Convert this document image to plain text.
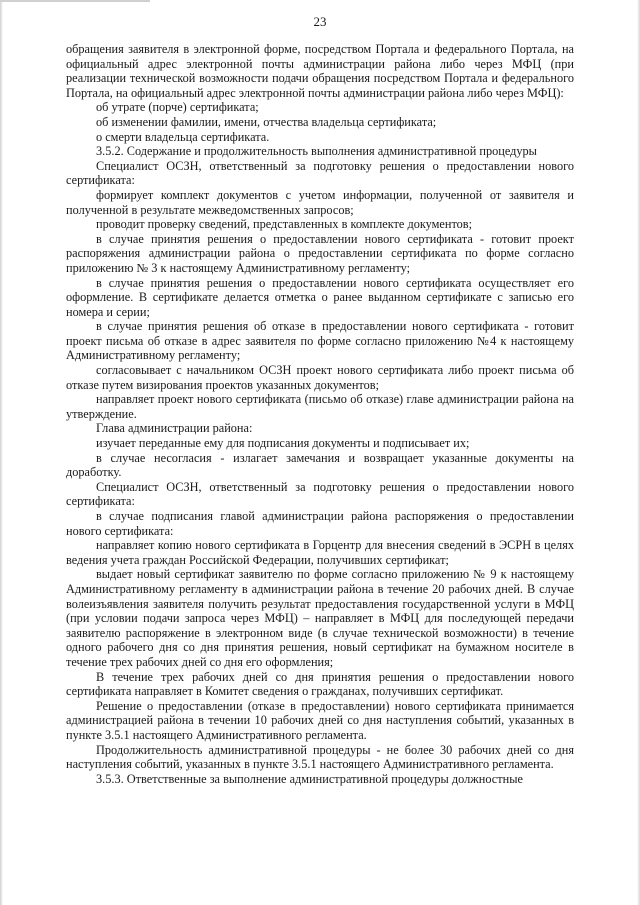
23

обращения заявителя в электронной форме, посредством Портала и федерального Портала, на официальный адрес электронной почты администрации района либо через МФЦ (при реализации технической возможности подачи обращения посредством Портала и федерального Портала, на официальный адрес электронной почты администрации района либо через МФЦ):

об утрате (порче) сертификата;

об изменении фамилии, имени, отчества владельца сертификата;

о смерти владельца сертификата.

3.5.2. Содержание и продолжительность выполнения административной процедуры

Специалист ОСЗН, ответственный за подготовку решения о предоставлении нового сертификата:

формирует комплект документов с учетом информации, полученной от заявителя и полученной в результате межведомственных запросов;

проводит проверку сведений, представленных в комплекте документов;

в случае принятия решения о предоставлении нового сертификата - готовит проект распоряжения администрации района о предоставлении сертификата по форме согласно приложению № 3 к настоящему Административному регламенту;

в случае принятия решения о предоставлении нового сертификата осуществляет его оформление. В сертификате делается отметка о ранее выданном сертификате с записью его номера и серии;

в случае принятия решения об отказе в предоставлении нового сертификата - готовит проект письма об отказе в адрес заявителя по форме согласно приложению №4 к настоящему Административному регламенту;

согласовывает с начальником ОСЗН проект нового сертификата либо проект письма об отказе путем визирования проектов указанных документов;

направляет проект нового сертификата (письмо об отказе) главе администрации района на утверждение.

Глава администрации района:

изучает переданные ему для подписания документы и подписывает их;

в случае несогласия - излагает замечания и возвращает указанные документы на доработку.

Специалист ОСЗН, ответственный за подготовку решения о предоставлении нового сертификата:

в случае подписания главой администрации района распоряжения о предоставлении нового сертификата:

направляет копию нового сертификата в Горцентр для внесения сведений в ЭСРН в целях ведения учета граждан Российской Федерации, получивших сертификат;

выдает новый сертификат заявителю по форме согласно приложению № 9 к настоящему Административному регламенту в администрации района в течение 20 рабочих дней. В случае волеизъявления заявителя получить результат предоставления государственной услуги в МФЦ (при условии подачи запроса через МФЦ) – направляет в МФЦ для последующей передачи заявителю распоряжение в электронном виде (в случае технической возможности) в течение одного рабочего дня со дня принятия решения, новый сертификат на бумажном носителе в течение трех рабочих дней со дня его оформления;

В течение трех рабочих дней со дня принятия решения о предоставлении нового сертификата направляет в Комитет сведения о гражданах, получивших сертификат.

Решение о предоставлении (отказе в предоставлении) нового сертификата принимается администрацией района в течении 10 рабочих дней со дня наступления событий, указанных в пункте 3.5.1 настоящего Административного регламента.

Продолжительность административной процедуры - не более 30 рабочих дней со дня наступления событий, указанных в пункте 3.5.1 настоящего Административного регламента.

3.5.3. Ответственные за выполнение административной процедуры должностные
